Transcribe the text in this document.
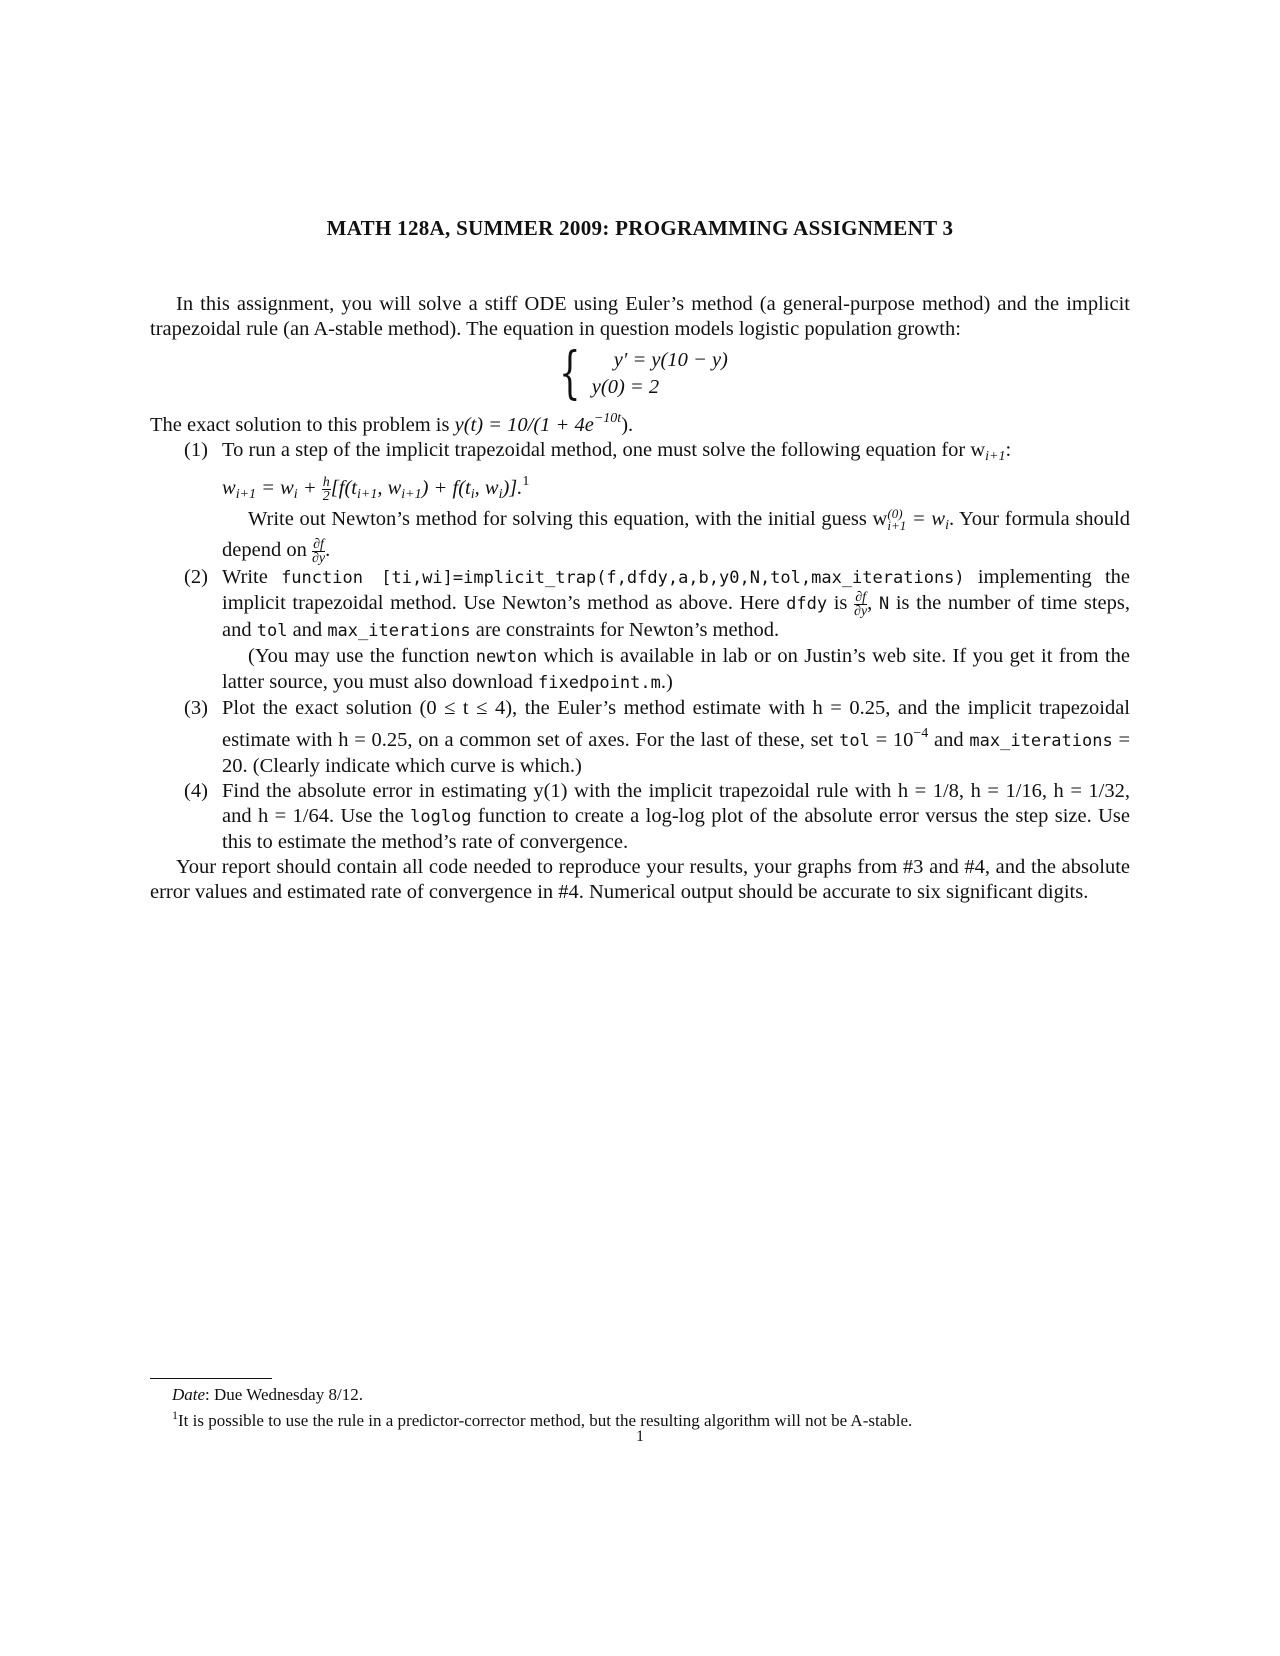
MATH 128A, SUMMER 2009: PROGRAMMING ASSIGNMENT 3

In this assignment, you will solve a stiff ODE using Euler’s method (a general-purpose method) and the implicit trapezoidal rule (an A-stable method). The equation in question models logistic population growth:

{	y′ = y(10 − y)
y(0) = 2

The exact solution to this problem is $y(t) = 10/(1 + 4e^{-10t})$.

(1) To run a step of the implicit trapezoidal method, one must solve the following equation for $w_{i+1}$:
$w_{i+1} = w_i + \frac{h}{2} [f(t_{i+1}$, $w_{i+1}) + f(t_i$, $w_i)].^1$
Write out Newton’s method for solving this equation, with the initial guess w (0)
$i+1 = w_i$. Your formula should depend on $\frac{\partial f}{\partial y}$ .
(2) Write function [ti,wi]=implicit_trap(f,dfdy,a,b,y0,N,tol,max_iterations) implementing the implicit trapezoidal method. Use Newton’s method as above. Here dfdy is $\frac{\partial f}{\partial y}$ , N is the number of time steps, and tol and max_iterations are constraints for Newton’s method.
(You may use the function newton which is available in lab or on Justin’s web site. If you get it from the latter source, you must also download fixedpoint.m.)
(3) Plot the exact solution (0 ≤ t ≤ 4), the Euler’s method estimate with h = 0.25, and the implicit trapezoidal estimate with h = 0.25, on a common set of axes. For the last of these, set tol = $10^{-4}$ and max_iterations = 20. (Clearly indicate which curve is which.)
(4) Find the absolute error in estimating y(1) with the implicit trapezoidal rule with h = 1/8, h = 1/16, h = 1/32, and h = 1/64. Use the loglog function to create a log-log plot of the absolute error versus the step size. Use this to estimate the method’s rate of convergence.

Your report should contain all code needed to reproduce your results, your graphs from #3 and #4, and the absolute error values and estimated rate of convergence in #4. Numerical output should be accurate to six significant digits.

Date: Due Wednesday 8/12.
$^1$It is possible to use the rule in a predictor-corrector method, but the resulting algorithm will not be A-stable.
1
